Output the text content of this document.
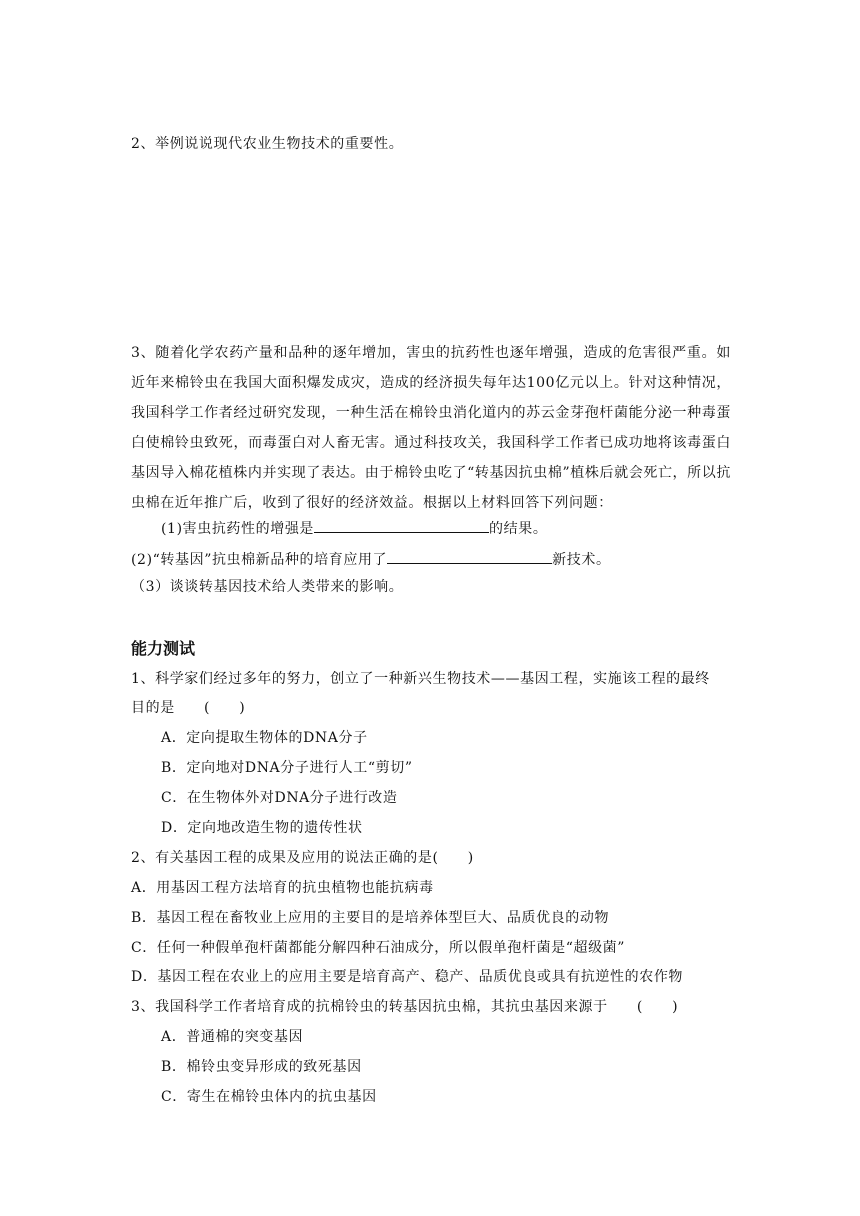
2、举例说说现代农业生物技术的重要性。
3、随着化学农药产量和品种的逐年增加，害虫的抗药性也逐年增强，造成的危害很严重。如近年来棉铃虫在我国大面积爆发成灾，造成的经济损失每年达100亿元以上。针对这种情况，我国科学工作者经过研究发现，一种生活在棉铃虫消化道内的苏云金芽孢杆菌能分泌一种毒蛋白使棉铃虫致死，而毒蛋白对人畜无害。通过科技攻关，我国科学工作者已成功地将该毒蛋白基因导入棉花植株内并实现了表达。由于棉铃虫吃了“转基因抗虫棉”植株后就会死亡，所以抗虫棉在近年推广后，收到了很好的经济效益。根据以上材料回答下列问题：
(1)害虫抗药性的增强是	的结果。
(2)“转基因”抗虫棉新品种的培育应用了	新技术。
（3）谈谈转基因技术给人类带来的影响。
能力测试
1、科学家们经过多年的努力，创立了一种新兴生物技术——基因工程，实施该工程的最终
目的是　　(　　)
A．定向提取生物体的DNA分子
B．定向地对DNA分子进行人工“剪切”
C．在生物体外对DNA分子进行改造
D．定向地改造生物的遗传性状
2、有关基因工程的成果及应用的说法正确的是(　　)
A．用基因工程方法培育的抗虫植物也能抗病毒
B．基因工程在畜牧业上应用的主要目的是培养体型巨大、品质优良的动物
C．任何一种假单孢杆菌都能分解四种石油成分，所以假单孢杆菌是“超级菌”
D．基因工程在农业上的应用主要是培育高产、稳产、品质优良或具有抗逆性的农作物
3、我国科学工作者培育成的抗棉铃虫的转基因抗虫棉，其抗虫基因来源于　　(　　)
A．普通棉的突变基因
B．棉铃虫变异形成的致死基因
C．寄生在棉铃虫体内的抗虫基因
